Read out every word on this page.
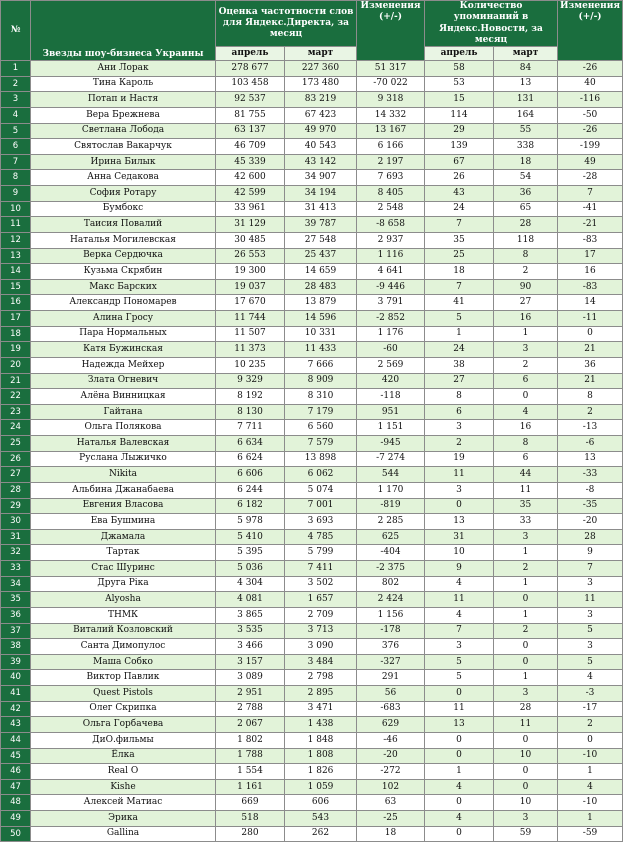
№	Звезды шоу-бизнеса Украины	Оценка частотности слов для Яндекс.Директа, за месяц		Изменения (+/-)	Количество упоминаний в Яндекс.Новости, за месяц		Изменения (+/-)
		апрель	март		апрель	март	
1	Ани Лорак	278 677	227 360	51 317	58	84	-26
2	Тина Кароль	103 458	173 480	-70 022	53	13	40
3	Потап и Настя	92 537	83 219	9 318	15	131	-116
4	Вера Брежнева	81 755	67 423	14 332	114	164	-50
5	Светлана Лобода	63 137	49 970	13 167	29	55	-26
6	Святослав Вакарчук	46 709	40 543	6 166	139	338	-199
7	Ирина Билык	45 339	43 142	2 197	67	18	49
8	Анна Седакова	42 600	34 907	7 693	26	54	-28
9	София Ротару	42 599	34 194	8 405	43	36	7
10	Бумбокс	33 961	31 413	2 548	24	65	-41
11	Таисия Повалий	31 129	39 787	-8 658	7	28	-21
12	Наталья Могилевская	30 485	27 548	2 937	35	118	-83
13	Верка Сердючка	26 553	25 437	1 116	25	8	17
14	Кузьма Скрябин	19 300	14 659	4 641	18	2	16
15	Макс Барских	19 037	28 483	-9 446	7	90	-83
16	Александр Пономарев	17 670	13 879	3 791	41	27	14
17	Алина Гросу	11 744	14 596	-2 852	5	16	-11
18	Пара Нормальных	11 507	10 331	1 176	1	1	0
19	Катя Бужинская	11 373	11 433	-60	24	3	21
20	Надежда Мейхер	10 235	7 666	2 569	38	2	36
21	Злата Огневич	9 329	8 909	420	27	6	21
22	Алёна Винницкая	8 192	8 310	-118	8	0	8
23	Гайтана	8 130	7 179	951	6	4	2
24	Ольга Полякова	7 711	6 560	1 151	3	16	-13
25	Наталья Валевская	6 634	7 579	-945	2	8	-6
26	Руслана Лыжичко	6 624	13 898	-7 274	19	6	13
27	Nikita	6 606	6 062	544	11	44	-33
28	Альбина Джанабаева	6 244	5 074	1 170	3	11	-8
29	Евгения Власова	6 182	7 001	-819	0	35	-35
30	Ева Бушмина	5 978	3 693	2 285	13	33	-20
31	Джамала	5 410	4 785	625	31	3	28
32	Тартак	5 395	5 799	-404	10	1	9
33	Стас Шуринс	5 036	7 411	-2 375	9	2	7
34	Друга Ріка	4 304	3 502	802	4	1	3
35	Alyosha	4 081	1 657	2 424	11	0	11
36	ТНМК	3 865	2 709	1 156	4	1	3
37	Виталий Козловский	3 535	3 713	-178	7	2	5
38	Санта Димопулос	3 466	3 090	376	3	0	3
39	Маша Собко	3 157	3 484	-327	5	0	5
40	Виктор Павлик	3 089	2 798	291	5	1	4
41	Quest Pistols	2 951	2 895	56	0	3	-3
42	Олег Скрипка	2 788	3 471	-683	11	28	-17
43	Ольга Горбачева	2 067	1 438	629	13	11	2
44	ДиО.фильмы	1 802	1 848	-46	0	0	0
45	Ёлка	1 788	1 808	-20	0	10	-10
46	Real O	1 554	1 826	-272	1	0	1
47	Kishe	1 161	1 059	102	4	0	4
48	Алексей Матиас	669	606	63	0	10	-10
49	Эрика	518	543	-25	4	3	1
50	Gallina	280	262	18	0	59	-59
